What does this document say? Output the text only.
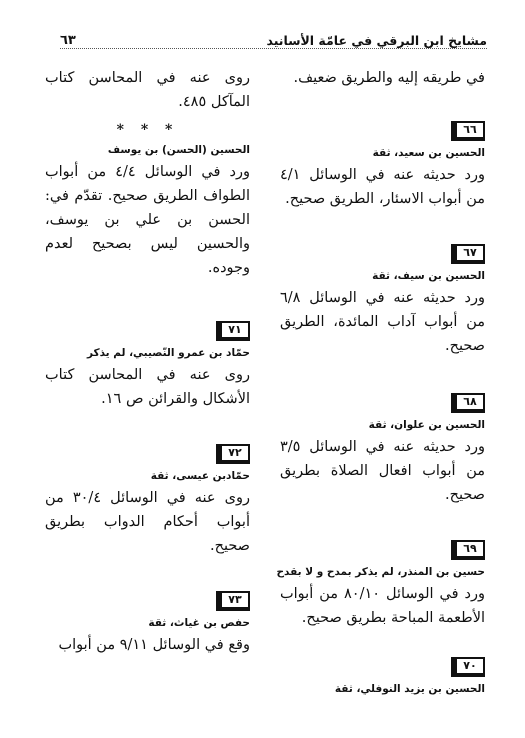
مشايخ ابن البرقي في عامّة الأسانيد
٦٣
في طريقه إليه والطريق ضعيف.
٦٦
الحسين بن سعيد، ثقة
ورد حديثه عنه في الوسائل ٤/١ من أبواب الاسئار، الطريق صحيح.
٦٧
الحسين بن سيف، ثقة
ورد حديثه عنه في الوسائل ٦/٨ من أبواب آداب المائدة، الطريق صحيح.
٦٨
الحسين بن علوان، ثقة
ورد حديثه عنه في الوسائل ٣/٥ من أبواب افعال الصلاة بطريق صحيح.
٦٩
حسين بن المنذر، لم يذكر بمدح و لا بقدح
ورد في الوسائل ٨٠/١٠ من أبواب الأطعمة المباحة بطريق صحيح.
٧٠
الحسين بن يزيد النوفلي، ثقة
روى عنه في المحاسن كتاب المآكل ٤٨٥.
* * *
الحسين (الحسن) بن يوسف
ورد في الوسائل ٤/٤ من أبواب الطواف الطريق صحيح. تقدّم في: الحسن بن علي بن يوسف، والحسين ليس بصحيح لعدم وجوده.
٧١
حمّاد بن عمرو النّصيبي، لم يذكر
روى عنه في المحاسن كتاب الأشكال والقرائن ص ١٦.
٧٢
حمّادبن عيسى، ثقة
روى عنه في الوسائل ٣٠/٤ من أبواب أحكام الدواب بطريق صحيح.
٧٣
حفص بن غياث، ثقة
وقع في الوسائل ٩/١١ من أبواب
